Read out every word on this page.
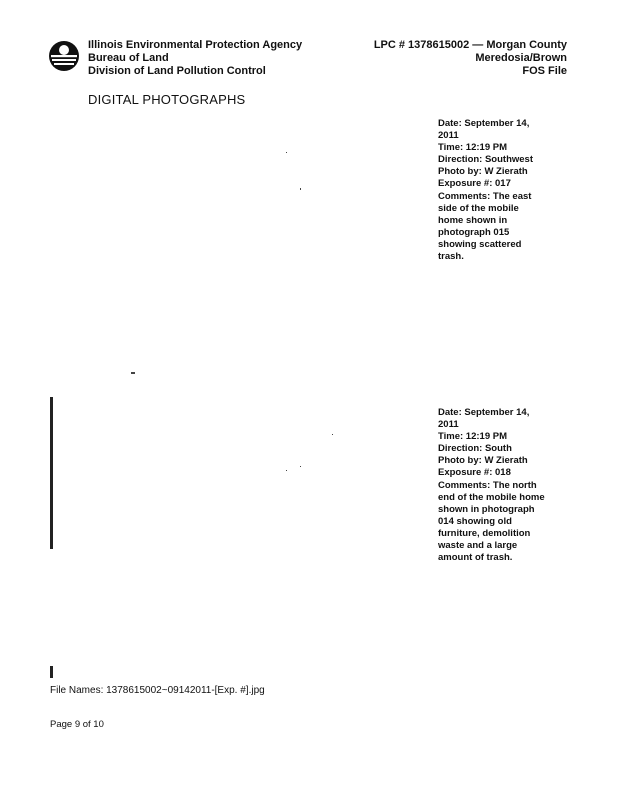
Illinois Environmental Protection Agency
Bureau of Land
Division of Land Pollution Control
LPC # 1378615002 — Morgan County
Meredosia/Brown
FOS File
DIGITAL PHOTOGRAPHS
Date: September 14,
2011
Time: 12:19 PM
Direction: Southwest
Photo by: W Zierath
Exposure #: 017
Comments: The east
side of the mobile
home shown in
photograph 015
showing scattered
trash.
Date: September 14,
2011
Time: 12:19 PM
Direction: South
Photo by: W Zierath
Exposure #: 018
Comments: The north
end of the mobile home
shown in photograph
014 showing old
furniture, demolition
waste and a large
amount of trash.
File Names: 1378615002~09142011-[Exp. #].jpg
Page 9 of 10
